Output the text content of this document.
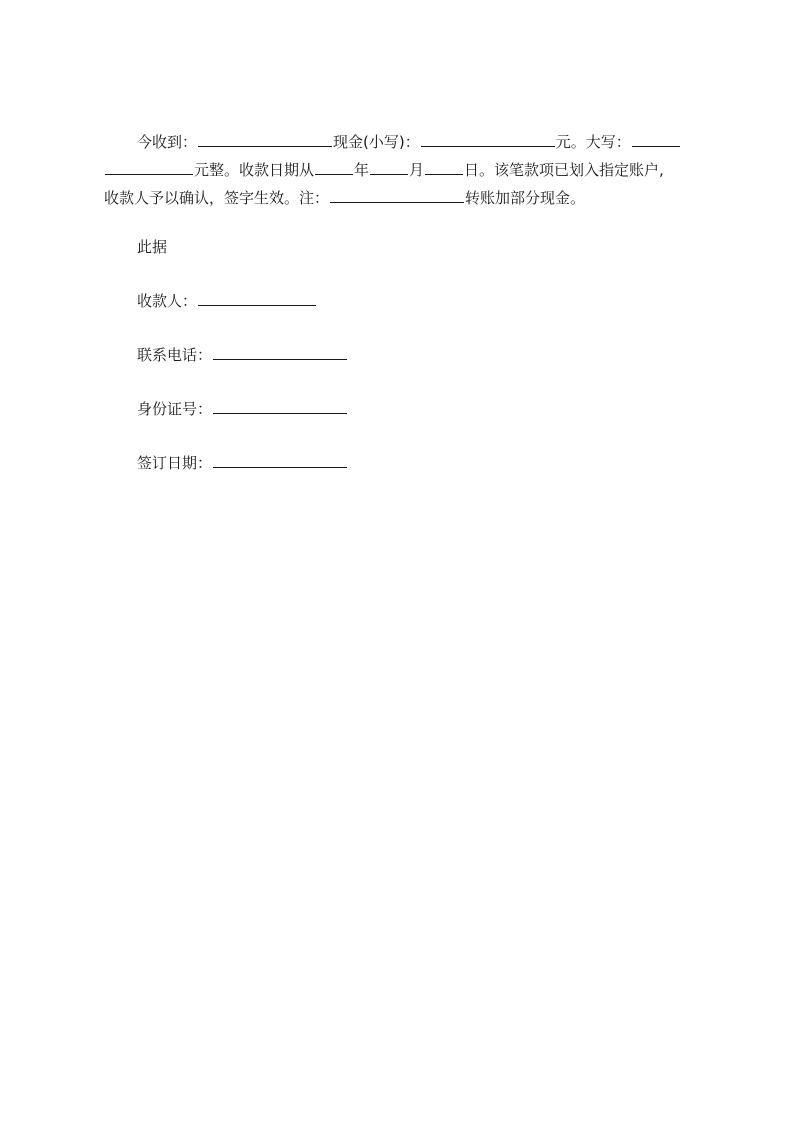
今收到：	现金(小写)：	元。大写：
元整。收款日期从	年	月	日。该笔款项已划入指定账户,
收款人予以确认，签字生效。注：	转账加部分现金。
此据
收款人：
联系电话：
身份证号：
签订日期：
